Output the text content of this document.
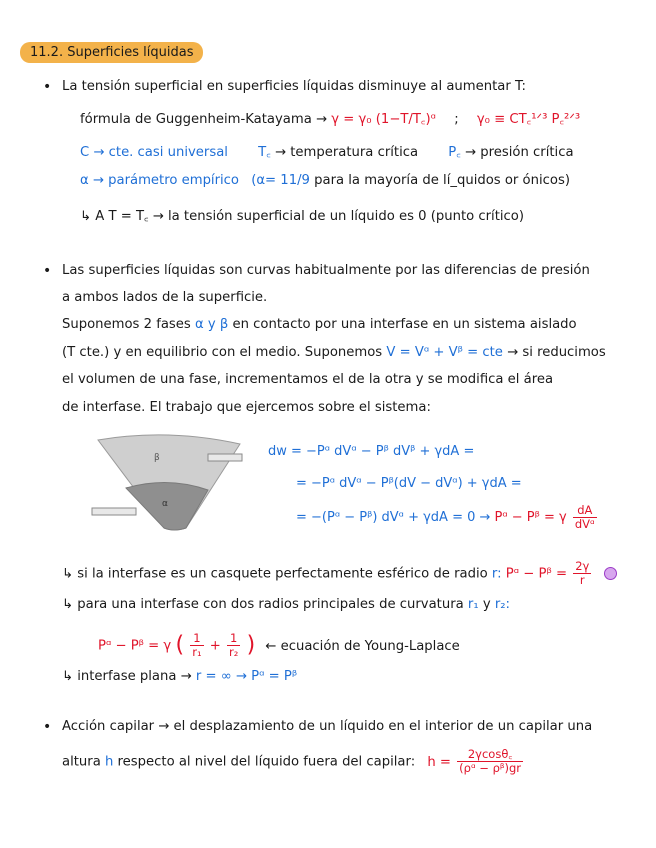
11.2. Superficies líquidas
• La tensión superficial en superficies líquidas disminuye al aumentar T:
fórmula de Guggenheim-Katayama → γ = γ₀ (1−T/T꜀)ᵅ ; γ₀ ≡ CT꜀¹ᐟ³ P꜀²ᐟ³
C → cte. casi universal T꜀ → temperatura crítica P꜀ → presión crítica
α → parámetro empírico (α= 11/9 para la mayoría de lí_quidos or ónicos)
↳ A T = T꜀ → la tensión superficial de un líquido es 0 (punto crítico)
• Las superficies líquidas son curvas habitualmente por las diferencias de presión
a ambos lados de la superficie.
Suponemos 2 fases α y β en contacto por una interfase en un sistema aislado
(T cte.) y en equilibrio con el medio. Suponemos V = Vᵅ + Vᵝ = cte → si reducimos
el volumen de una fase, incrementamos el de la otra y se modifica el área
de interfase. El trabajo que ejercemos sobre el sistema:
β
α
dw = −Pᵅ dVᵅ − Pᵝ dVᵝ + γdA =
= −Pᵅ dVᵅ − Pᵝ(dV − dVᵅ) + γdA =
= −(Pᵅ − Pᵝ) dVᵅ + γdA = 0 → Pᵅ − Pᵝ = γ $\frac{dA}{\text{dVᵅ}}$
↳ si la interfase es un casquete perfectamente esférico de radio r: Pᵅ − Pᵝ = $\frac{2\gamma}{r}$

↳ para una interfase con dos radios principales de curvatura r₁ y r₂:
Pᵅ − Pᵝ = γ ( $\frac{1}{\text{r₁}} + \frac{1}{\text{r₂}}$ ) ← ecuación de Young-Laplace
↳ interfase plana → r = ∞ → Pᵅ = Pᵝ
• Acción capilar → el desplazamiento de un líquido en el interior de un capilar una
altura h respecto al nivel del líquido fuera del capilar: $h = \frac{2\gamma\cos\theta꜀}{\text{(ρᵅ − ρᵝ)gr}}$
